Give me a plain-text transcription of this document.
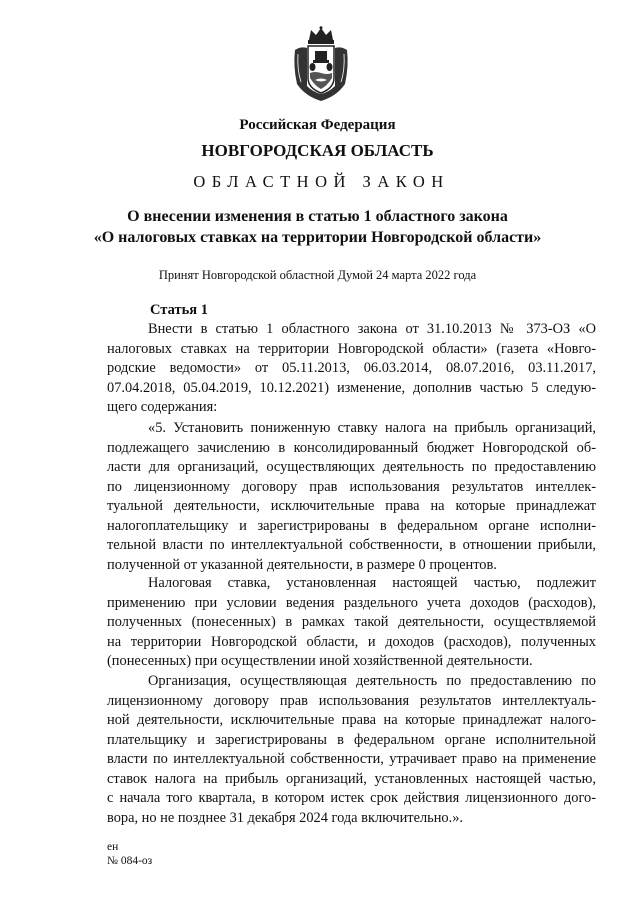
Российская Федерация
НОВГОРОДСКАЯ ОБЛАСТЬ
ОБЛАСТНОЙ ЗАКОН
О внесении изменения в статью 1 областного закона
«О налоговых ставках на территории Новгородской области»
Принят Новгородской областной Думой 24 марта 2022 года
Статья 1
Внести в статью 1 областного закона от 31.10.2013 № 373-ОЗ «О
налоговых ставках на территории Новгородской области» (газета «Новго-
родские ведомости» от 05.11.2013, 06.03.2014, 08.07.2016, 03.11.2017,
07.04.2018, 05.04.2019, 10.12.2021) изменение, дополнив частью 5 следую-
щего содержания:
«5. Установить пониженную ставку налога на прибыль организаций,
подлежащего зачислению в консолидированный бюджет Новгородской об-
ласти для организаций, осуществляющих деятельность по предоставлению
по лицензионному договору прав использования результатов интеллек-
туальной деятельности, исключительные права на которые принадлежат
налогоплательщику и зарегистрированы в федеральном органе исполни-
тельной власти по интеллектуальной собственности, в отношении прибыли,
полученной от указанной деятельности, в размере 0 процентов.
Налоговая ставка, установленная настоящей частью, подлежит
применению при условии ведения раздельного учета доходов (расходов),
полученных (понесенных) в рамках такой деятельности, осуществляемой
на территории Новгородской области, и доходов (расходов), полученных
(понесенных) при осуществлении иной хозяйственной деятельности.
Организация, осуществляющая деятельность по предоставлению по
лицензионному договору прав использования результатов интеллектуаль-
ной деятельности, исключительные права на которые принадлежат налого-
плательщику и зарегистрированы в федеральном органе исполнительной
власти по интеллектуальной собственности, утрачивает право на применение
ставок налога на прибыль организаций, установленных настоящей частью,
с начала того квартала, в котором истек срок действия лицензионного дого-
вора, но не позднее 31 декабря 2024 года включительно.».
ен
№ 084-оз
